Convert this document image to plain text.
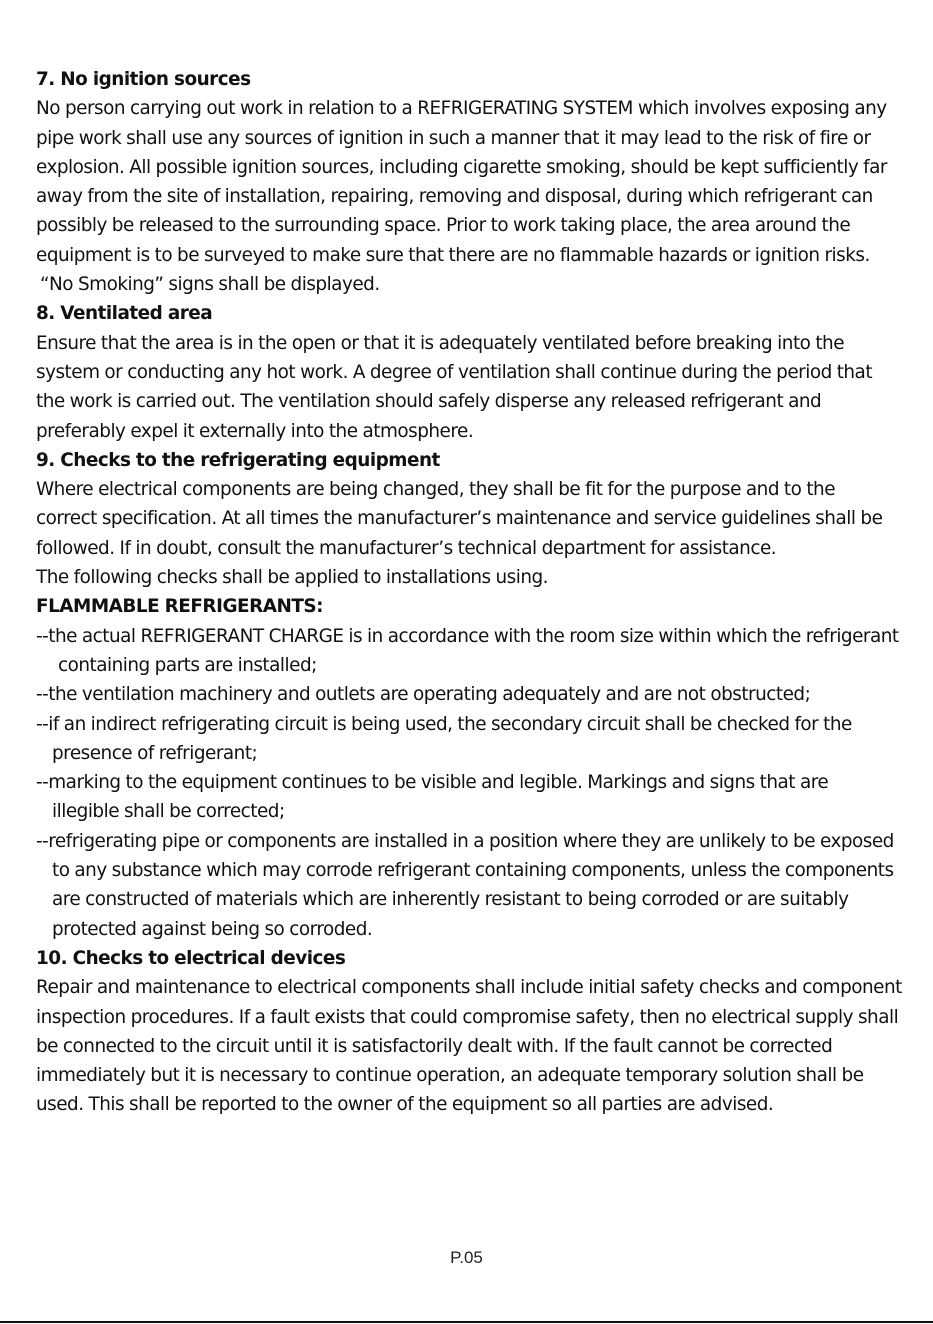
7. No ignition sources
No person carrying out work in relation to a REFRIGERATING SYSTEM which involves exposing any
pipe work shall use any sources of ignition in such a manner that it may lead to the risk of fire or
explosion. All possible ignition sources, including cigarette smoking, should be kept sufficiently far
away from the site of installation, repairing, removing and disposal, during which refrigerant can
possibly be released to the surrounding space. Prior to work taking place, the area around the
equipment is to be surveyed to make sure that there are no flammable hazards or ignition risks.
“No Smoking” signs shall be displayed.
8. Ventilated area
Ensure that the area is in the open or that it is adequately ventilated before breaking into the
system or conducting any hot work. A degree of ventilation shall continue during the period that
the work is carried out. The ventilation should safely disperse any released refrigerant and
preferably expel it externally into the atmosphere.
9. Checks to the refrigerating equipment
Where electrical components are being changed, they shall be fit for the purpose and to the
correct specification. At all times the manufacturer’s maintenance and service guidelines shall be
followed. If in doubt, consult the manufacturer’s technical department for assistance.
The following checks shall be applied to installations using.
FLAMMABLE REFRIGERANTS:
--the actual REFRIGERANT CHARGE is in accordance with the room size within which the refrigerant
containing parts are installed;
--the ventilation machinery and outlets are operating adequately and are not obstructed;
--if an indirect refrigerating circuit is being used, the secondary circuit shall be checked for the
presence of refrigerant;
--marking to the equipment continues to be visible and legible. Markings and signs that are
illegible shall be corrected;
--refrigerating pipe or components are installed in a position where they are unlikely to be exposed
to any substance which may corrode refrigerant containing components, unless the components
are constructed of materials which are inherently resistant to being corroded or are suitably
protected against being so corroded.
10. Checks to electrical devices
Repair and maintenance to electrical components shall include initial safety checks and component
inspection procedures. If a fault exists that could compromise safety, then no electrical supply shall
be connected to the circuit until it is satisfactorily dealt with. If the fault cannot be corrected
immediately but it is necessary to continue operation, an adequate temporary solution shall be
used. This shall be reported to the owner of the equipment so all parties are advised.
P.05
